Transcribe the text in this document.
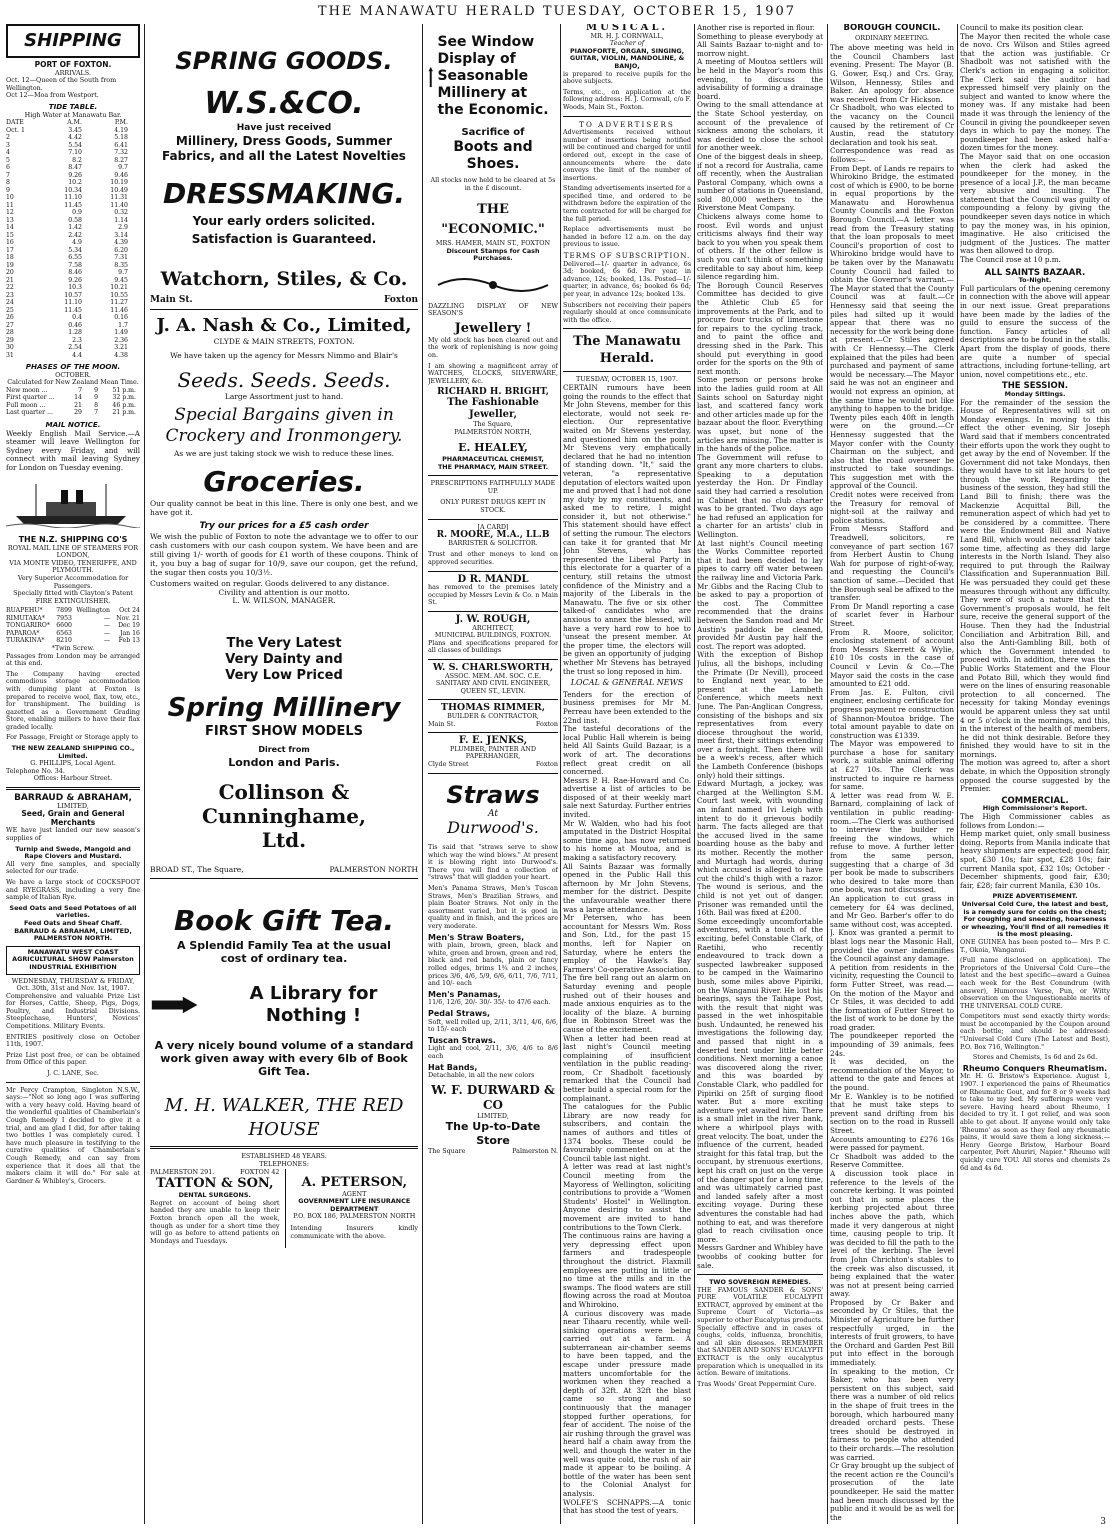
THE MANAWATU HERALD TUESDAY, OCTOBER 15, 1907
3
SHIPPING
PORT OF FOXTON.
ARRIVALS.
Oct. 12—Queen of the South from Wellington.
Oct 12—Moa from Westport.
TIDE TABLE.
High Water at Manawatu Bar.
DATE	A.M.	P.M.
Oct. 1	3.45	4.19
2	4.42	5.18
3	5.54	6.41
4	7.10	7.32
5	8.2	8.27
6	8.47	9.7
7	9.26	9.46
8	10.2	10.19
9	10.34	10.49
10	11.10	11.31
11	11.45	11.40
12	0.9	0.32
13	0.58	1.14
14	1.42	2.9
15	2.42	3.14
16	4.9	4.39
17	5.34	6.20
18	6.55	7.31
19	7.58	8.35
20	8.46	9.7
21	9.26	9.45
22	10.3	10.21
23	10.57	10.55
24	11.10	11.27
25	11.45	11.46
26	0.4	0.16
27	0.46	1.7
28	1.28	1.49
29	2.3	2.36
30	2.54	3.21
31	4.4	4.38
PHASES OF THE MOON.
OCTOBER.
Calculated for New Zealand Mean Time.
New moon ...	7	9	51 p.m.
First quarter ...	14	9	32 p.m.
Full moon ...	21	8	46 p.m.
Last quarter ...	29	7	21 p.m.
MAIL NOTICE.

Weekly English Mail Service.—A steamer will leave Wellington for Sydney every Friday, and will connect with mail leaving Sydney for London on Tuesday evening.

THE N.Z. SHIPPING CO'S
ROYAL MAIL LINE OF STEAMERS FOR LONDON,
VIA MONTE VIDEO, TENERIFFE, AND PLYMOUTH.
Very Superior Accommodation for Passengers.
Specially fitted with Clayton's Patent FIRE EXTINGUISHER.
RUAPEHU*	7899 Wellington	Oct 24
RIMUTAKA*	7953	—	Nov. 21
TONGARIRO*	6600	—	Dec 19
PAPAROA*	6563	—	Jan 16
TURAKINA*	8210	—	Feb 13
*Twin Screw.

Passages from London may be arranged at this end.

The Company having erected commodious storage accommodation with dumping plant at Foxton is prepared to receive wool, flax, tow, etc., for transhipment. The building is gazetted as a Government Grading Store, enabling millers to have their flax graded locally.

For Passage, Freight or Storage apply to

THE NEW ZEALAND SHIPPING CO., Limited.
G. PHILLIPS, Local Agent.
Telephone No. 34.
Offices: Harbour Street.
BARRAUD & ABRAHAM,
LIMITED,
Seed, Grain and General Merchants

WE have just landed our new season's supplies of

Turnip and Swede, Mangold and Rape Clovers and Mustard.

All very fine samples, and specially selected for our trade.

We have a large stock of COCKSFOOT and RYEGRASS, including a very fine sample of Italian Rye.

Seed Oats and Seed Potatoes of all varieties.
Feed Oats and Sheaf Chaff.
BARRAUD & ABRAHAM, LIMITED, PALMERSTON NORTH.
MANAWATU WEST COAST AGRICULTURAL SHOW Palmerston INDUSTRIAL EXHIBITION
WEDNESDAY, THURSDAY & FRIDAY, Oct. 30th, 31st and Nov. 1st, 1907.

Comprehensive and valuable Prize List for Horses, Cattle, Sheep, Pigs, Dogs, Poultry, and Industrial Divisions. Steeplechase, Hunters', Novices' Competitions. Military Events.

ENTRIES positively close on October 11th, 1907.

Prize List post free, or can be obtained from Office of this paper.

J. C. LANE, Sec.

Mr Percy Crampton, Singleton N.S.W., says:—"Not so long ago I was suffering with a very heavy cold. Having heard of the wonderful qualities of Chamberlain's Cough Remedy I decided to give it a trial, and am glad I did, for after taking two bottles I was completely cured. I have much pleasure in testifying to the curative qualities of Chamberlain's Cough Remedy, and can say from experience that it does all that the makers claim it will do." For sale at Gardner & Whibley's, Grocers.

SPRING GOODS.
W.S.&CO.
Have just received
Millinery, Dress Goods, Summer Fabrics, and all the Latest Novelties
DRESSMAKING.
Your early orders solicited.
Satisfaction is Guaranteed.
Watchorn, Stiles, & Co.
Main St.	Foxton
J. A. Nash & Co., Limited,
CLYDE & MAIN STREETS, FOXTON.
We have taken up the agency for Messrs Nimmo and Blair's
Seeds. Seeds. Seeds.
Large Assortment just to hand.
Special Bargains given in Crockery and Ironmongery.
As we are just taking stock we wish to reduce these lines.
Groceries.

Our quality cannot be beat in this line. There is only one best, and we have got it.

Try our prices for a £5 cash order

We wish the public of Foxton to note the advantage we to offer to our cash customers with our cash coupon system. We have been and are still giving 1/- worth of goods for £1 worth of these coupons. Think of it, you buy a bag of sugar for 10/9, save our coupon, get the refund, the sugar then costs you 10/3½.

Customers waited on regular. Goods delivered to any distance.
Civility and attention is our motto.
L. W. WILSON, MANAGER.
The Very Latest
Very Dainty and Very Low Priced
Spring Millinery
FIRST SHOW MODELS
Direct from
London and Paris.
Collinson & Cunninghame, Ltd.
BROAD ST., The Square,	PALMERSTON NORTH
Book Gift Tea.
A Splendid Family Tea at the usual cost of ordinary tea.
A Library for Nothing !
A very nicely bound volume of a standard work given away with every 6lb of Book Gift Tea.
M. H. WALKER, THE RED HOUSE
ESTABLISHED 48 YEARS.
TELEPHONES:
PALMERSTON 291.	FOXTON 42
TATTON & SON,
DENTAL SURGEONS.

Regret on account of being short handed they are unable to keep their Foxton branch open all the week, though as under for a short time they will go as before to attend patients on Mondays and Tuesdays.

A. PETERSON,
AGENT
GOVERNMENT LIFE INSURANCE DEPARTMENT
P.O. BOX 186, PALMERSTON NORTH

Intending Insurers kindly communicate with the above.

See Window Display of Seasonable Millinery at the Economic.
Sacrifice of
Boots and Shoes.
All stocks now held to be cleared at 5s in the £ discount.
THE "ECONOMIC."
MRS. HAMER, MAIN ST., FOXTON
Discount Stamps for Cash Purchases.

DAZZLING DISPLAY OF NEW SEASON'S

Jewellery !

My old stock has been cleared out and the work of replenishing is now going on.

I am showing a magnificent array of WATCHES, CLOCKS, SILVERWARE, JEWELLERY, &c.

RICHARD H. BRIGHT,
The Fashionable Jeweller,
The Square,
PALMERSTON NORTH,
E. HEALEY,
PHARMACEUTICAL CHEMIST,
THE PHARMACY, MAIN STREET.
PRESCRIPTIONS FAITHFULLY MADE UP.
ONLY PUREST DRUGS KEPT IN STOCK.
[A CARD]
R. MOORE, M.A., LL.B
BARRISTER & SOLICITOR.

Trust and other moneys to lend on approved securities.

D R. MANDL

has removed to the premises lately occupied by Messrs Levin & Co. n Main St.

J. W. ROUGH,
ARCHITECT,
MUNICIPAL BUILDINGS, FOXTON.

Plans and specifications prepared for all classes of buildings

W. S. CHARLSWORTH,
ASSOC. MEM. AM. SOC. C.E.
SANITARY AND CIVIL ENGINEER,
QUEEN ST., LEVIN.
THOMAS RIMMER,
BUILDER & CONTRACTOR,
Main St.	Foxton
F. E. JENKS,
PLUMBER, PAINTER AND PAPERHANGER,
Clyde Street	Foxton
Straws
At
Durwood's.

Tis said that "straws serve to show which way the wind blows." At present it is blowing right into Durwood's. There you will find a collection of "straws" that will gladden your heart.

Men's Panama Straws, Men's Tuscan Straws, Men's Brazilian Straws, and plain Boater Straws. Not only in the assortment varied, but it is good in quality and in finish, and the prices are very moderate.

Men's Straw Boaters,

with plain, brown, green, black and white, green and brown, green and red, black and red bands, plain or fancy rolled edges, brims 1¾ and 2 inches, prices 3/6, 4/6, 5/9, 6/6, 6/11, 7/6, 7/11, and 10/- each

Men's Panamas,

11/6, 12/6, 20/- 30/- 35/- to 47/6 each.

Pedal Straws,

Soft, well rolled up, 2/11, 3/11, 4/6, 6/6, to 15/- each

Tuscan Straws.

Light and cool, 2/11, 3/6, 4/6 to 8/6 each

Hat Bands,

Detachable, in all the new colors

W. F. DURWARD & CO
LIMITED,
The Up-to-Date Store
The Square	Palmerston N.
MUSICAL.
MR. H. J. CORNWALL,
Teacher of
PIANOFORTE, ORGAN, SINGING, GUITAR, VIOLIN, MANDOLINE, & BANJO,

is prepared to receive pupils for the above subjects.

Terms, etc., on application at the following address: H. J. Cornwall, c/o F. Woods, Main St., Foxton.

TO ADVERTISERS

Advertisements received without number of insertions being notified will be continued and charged for until ordered out, except in the case of announcements where the date conveys the limit of the number of insertions.

Standing advertisements inserted for a specified time, and ordered to be withdrawn before the expiration of the term contracted for will be charged for the full period.

Replace advertisements must be handed in before 12 a.m. on the day previous to issue.

TERMS OF SUBSCRIPTION.

Delivered—1/- quarter in advance, 6s 3d; booked, 6s 6d. Per year, in advance, 12s; booked, 13s. Posted—1/- quarter, in advance, 6s; booked 6s 6d; per year, in advance 12s; booked 13s.

Subscribers not receiving their papers regularly should at once communicate with the office.

The Manawatu Herald.
TUESDAY, OCTOBER 15, 1907.

CERTAIN rumours have been going the rounds to the effect that Mr John Stevens, member for this electorate, would not seek re-election. Our representative waited on Mr Stevens yesterday, and questioned him on the point. Mr Stevens very emphatically declared that he had no intention of standing down. "It," said the veteran, "a representative deputation of electors waited upon me and proved that I had not done my duty by my constituents, and asked me to retire, I might consider it, but not otherwise." This statement should have effect of setting the rumour. The electors can take it for granted that Mr John Stevens, who has represented the Liberal Party in this electorate for a quarter of a century, still retains the utmost confidence of the Ministry and a majority of the Liberals in the Manawatu. The five or six other talked-of candidates who are anxious to annex the blessed, will have a very hard row to hoe to 'unseat the present member. At the proper time, the electors will be given an opportunity of judging whether Mr Stevens has betrayed the trust so long reposed in him.

LOCAL & GENERAL NEWS

Tenders for the erection of business premises for Mr M. Perreau have been extended to the 22nd inst.
The tasteful decorations of the local Public Hall wherein is being held All Saints Guild Bazaar, is a work of art. The decorations reflect great credit on all concerned.
Messrs P. H. Rae-Howard and Co. advertise a list of articles to be disposed of at their weekly mart sale next Saturday. Further entries invited.
Mr W. Walden, who had his foot amputated in the District Hospital some time ago, has now returned to his home at Moutoa, and is making a satisfactory recovery.
All Saints Bazaar was formally opened in the Public Hall this afternoon by Mr John Stevens, member for the district. Despite the unfavourable weather there was a large attendance.
Mr Petersen, who has been accountant for Messrs Wm. Ross and Son, Ltd., for the past 15 months, left for Napier on Saturday, where he enters the employ of the Hawke's Bay Farmers' Co-operative Association.
The fire bell rang out an alarm on Saturday evening and people rushed out of their houses and made anxious enquiries as to the locality of the blaze. A burning flue in Robinson Street was the cause of the excitement.
When a letter had been read at last night's Council meeting complaining of insufficient ventilation in the public reading-room, Cr Shadbolt facetiously remarked that the Council had better build a special room for the complainant.
The catalogues for the Public Library are now ready for subscribers, and contain the names of authors and titles of 1374 books. These could be favourably commented on at the Council table last night.
A letter was read at last night's Council meeting from the Mayoress of Wellington, soliciting contributions to provide a "Women Students' Hostel" in Wellington. Anyone desiring to assist the movement are invited to hand contributions to the Town Clerk.
The continuous rains are having a very depressing effect upon farmers and tradespeople throughout the district. Flaxmill employees are putting in little or no time at the mills and in the swamps. The flood waters are still flowing across the road at Moutoa and Whirokino.
A curious discovery was made near Tihaaru recently, while well-sinking operations were being carried out at a farm. A subterranean air-chamber seems to have been tapped, and the escape under pressure made matters uncomfortable for the workmen when they reached a depth of 32ft. At 32ft the blast came so strong and so continuously that the manager stopped further operations, for fear of accident. The noise of the air rushing through the gravel was heard half a chain away from the well, and though the water in the well was quite cold, the rush of air made it appear to be boiling. A bottle of the water has been sent to the Colonial Analyst for analysis.
WOLFE'S SCHNAPPS.—A tonic that has stood the test of years.

Another rise is reported in flour.
Something to please everybody at All Saints Bazaar to-night and to-morrow night.
A meeting of Moutoa settlers will be held in the Mayor's room this evening, to discuss the advisability of forming a drainage board.
Owing to the small attendance at the State School yesterday, on account of the prevalence of sickness among the scholars, it was decided to close the school for another week.
One of the biggest deals in sheep, if not a record for Australia, came off recently, when the Australian Pastoral Company, which owns a number of stations in Queensland, sold 80,000 wethers to the Riverstone Meat Company.
Chickens always come home to roost. Evil words and unjust criticisms always find their way back to you when you speak them of others. If the other fellow is such you can't think of something creditable to say about him, keep silence regarding him.
The Borough Council Reserves Committee has decided to give the Athletic Club £5 for improvements at the Park, and to procure four trucks of limestone for repairs to the cycling track, and to paint the office and dressing shed in the Park. This should put everything in good order for the sports on the 9th of next month.
Some person or persons broke into the ladies guild room at All Saints school on Saturday night last, and scattered fancy work and other articles made up for the bazaar about the floor. Everything was upset, but none of the articles are missing. The matter is in the hands of the police.
The Government will refuse to grant any more charters to clubs. Speaking to a deputation yesterday the Hon. Dr Findlay said they had carried a resolution in Cabinet that no club charter was to be granted. Two days ago he had refused an application for a charter for an artists' club in Wellington.
At last night's Council meeting the Works Committee reported that it had been decided to lay pipes to carry off water between the railway line and Victoria Park. Mr Gibbs and the Racing Club to be asked to pay a proportion of the cost. The Committee recommended that the drains between the Sandon road and Mr Austin's paddock be cleaned, provided Mr Austin pay half the cost. The report was adopted.
With the exception of Bishop Julius, all the bishops, including the Primate (Dr Nevill), proceed to England next year, to be present at the Lambeth Conference, which meets next June. The Pan-Anglican Congress, consisting of the bishops and six representatives from every diocese throughout the world, meet first, their sittings extending over a fortnight. Then there will be a week's recess, after which the Lambeth Conference (bishops only) hold their sittings.
Edward Murtagh, a jockey, was charged at the Wellington S.M. Court last week, with wounding an infant named Ivi Leigh with intent to do it grievous bodily harm. The facts alleged are that the accused lived in the same boarding house as the baby and its mother. Recently the mother and Murtagh had words, during which accused is alleged to have cut the child's thigh with a razor. The wound is serious, and the child is not yet out of danger. Prisoner was remanded until the 16th. Bail was fixed at £200.
Some exceedingly uncomfortable adventures, with a touch of the exciting, befel Constable Clark, of Raetihi, who recently endeavoured to track down a suspected lawbreaker supposed to be camped in the Waimarino bush, some miles above Pipiriki, on the Wanganui River. He lost his bearings, says the Taihape Post, with the result that night was passed in the wet inhospitable bush. Undaunted, he renewed his investigations the following day, and passed that night in a deserted tent under little better conditions. Next morning a canoe was discovered along the river, and this was boarded by Constable Clark, who paddled for Pipiriki on 25ft of surging flood water. But a more exciting adventure yet awaited him. There is a small inlet in the river bank, where a whirlpool plays with great velocity. The boat, under the influence of the current, headed straight for this fatal trap, but the occupant, by strenuous exertions, kept his craft on just on the verge of the danger spot for a long time, and was ultimately carried past and landed safely after a most exciting voyage. During these adventures the constable had had nothing to eat, and was therefore glad to reach civilisation once more.
Messrs Gardner and Whibley have twoobbs of cooking butter for sale.

TWO SOVEREIGN REMEDIES.

THE FAMOUS SANDER & SONS' PURE VOLATILE EUCALYPTI EXTRACT, approved by eminent at the Supreme Court of Victoria—as superior to other Eucalyptus products. Specially effective and in cases of coughs, colds, influenza, bronchitis, and all skin diseases. REMEMBER that SANDER AND SONS' EUCALYPTI EXTRACT is the only eucalyptus preparation which is unequalled in its action. Beware of imitations.

Tras Woods' Great Peppermint Cure.
BOROUGH COUNCIL.
ORDINARY MEETING.

The above meeting was held in the Council Chambers last evening. Present: The Mayor (B. G. Gower, Esq.) and Crs. Gray, Wilson, Hennessy, Stiles and Baker. An apology for absence was received from Cr Hickson.
Cr Shadbolt, who was elected to the vacancy on the Council caused by the retirement of Cr Austin, read the statutory declaration and took his seat.
Correspondence was read as follows:—
From Dept. of Lands re repairs to Whirokino Bridge, the estimated cost of which is £900, to be borne in equal proportions by the Manawatu and Horowhenua County Councils and the Foxton Borough Council.—A letter was read from the Treasury stating that the loan proposals to meet Council's proportion of cost to Whirokino bridge would have to be taken over by the Manawatu County Council had failed to obtain the Governor's warrant.—The Mayor stated that the County Council was at fault.—Cr Hennessy said that seeing the piles had silted up it would appear that there was no necessity for the work being done at present.—Cr Stiles agreed with Cr Hennessy.—The Clerk explained that the piles had been purchased and payment of same would be necessary.—The Mayor said he was not an engineer and would not express an opinion, at the same time he would not like anything to happen to the bridge. Twenty piles each 40ft in length were on the ground.—Cr Hennessy suggested that the Mayor confer with the County Chairman on the subject, and also that the road overseer be instructed to take soundings. This suggestion met with the approval of the Council.
Credit notes were received from the Treasury for removal of night-soil at the railway and police stations.
From Messrs Stafford and Treadwell, solicitors, re conveyance of part section 167 from Herbert Austin to Chung Wah for purpose of right-of-way, and requesting the Council's sanction of same.—Decided that the Borough seal be affixed to the transfer.
From Dr Mandl reporting a case of scarlet fever in Harbour Street.
From R. Moore, solicitor, enclosing statement of account from Messrs Skerrett & Wylie, £10 10s costs in the case of Council v Levin & Co.—The Mayor said the costs in the case amounted to £21 odd.
From Jas. E. Fulton, civil engineer, enclosing certificate for progress payment re construction of Shannon-Moutoa bridge. The total amount payable to date on construction was £1339.
The Mayor was empowered to purchase a hose for sanitary work, a suitable animal offering at £27 10s. The Clerk was instructed to inquire re harness for same.
A letter was read from W. E. Barnard, complaining of lack of ventilation in public reading-room.—The Clerk was authorised to interview the builder re freeing the windows, which refuse to move. A further letter from the same person, suggesting that a charge of 3d per book be made to subscribers who desired to take more than one book, was not discussed.
An application to cut grass in cemetery for £4 was declined, and Mr Geo. Barber's offer to do same without cost, was accepted.
J. Knox was granted a permit to blast logs near the Masonic Hall, provided the owner indemnifies the Council against any damage.
A petition from residents in the vicinity, requesting the Council to form Futter Street, was read.—On the motion of the Mayor and Cr Stiles, it was decided to add the formation of Futter Street to the list of work to be done by the road grader.
The poundkeeper reported the impounding of 39 animals, fees 24s.
It was decided, on the recommendation of the Mayor, to attend to the gate and fences at the pound.
Mr E. Wankley is to be notified that he must take steps to prevent sand drifting from his section on to the road in Russell Street.
Accounts amounting to £276 16s were passed for payment.
Cr Shadbolt was added to the Reserve Committee.
A discussion took place in reference to the levels of the concrete kerbing. It was pointed out that in some places the kerbing projected about three inches above the path, which made it very dangerous at night time, causing people to trip. It was decided to fill the path to the level of the kerbing. The level from John Chrichton's stables to the creek was also discussed, it being explained that the water was not at present being carried away.
Proposed by Cr Baker and seconded by Cr Stiles, that the Minister of Agriculture be further respectfully urged, in the interests of fruit growers, to have the Orchard and Garden Pest Bill put into effect in the borough immediately.
In speaking to the motion, Cr Baker, who has been very persistent on this subject, said there was a number of old relics in the shape of fruit trees in the borough, which harboured many dreaded orchard pests. These trees should be destroyed in fairness to people who attended to their orchards.—The resolution was carried.
Cr Gray brought up the subject of the recent action re the Council's prosecution of the late poundkeeper. He said the matter had been much discussed by the public and it would be as well for the

Council to make its position clear.
The Mayor then recited the whole case de novo. Crs Wilson and Stiles agreed that the action was justifiable. Cr Shadbolt was not satisfied with the Clerk's action in engaging a solicitor. The Clerk said the auditor had expressed himself very plainly on the subject and wanted to know where the money was. If any mistake had been made it was through the leniency of the Council in giving the poundkeeper seven days in which to pay the money. The poundkeeper had been asked half-a-dozen times for the money.
The Mayor said that on one occasion when the clerk had asked the poundkeeper for the money, in the presence of a local J.P., the man became very abusive and insulting. The statement that the Council was guilty of compounding a felony by giving the poundkeeper seven days notice in which to pay the money was, in his opinion, imaginative. He also criticised the judgment of the Justices. The matter was then allowed to drop.
The Council rose at 10 p.m.

ALL SAINTS BAZAAR.
To-Night.

Full particulars of the opening ceremony in connection with the above will appear in our next issue. Great preparations have been made by the ladies of the guild to ensure the success of the function. Fancy articles of all descriptions are to be found in the stalls. Apart from the display of goods, there are quite a number of special attractions, including fortune-telling, art union, novel competitions etc., etc.

THE SESSION.
Monday Sittings.

For the remainder of the session the House of Representatives will sit on Monday evenings. In moving to this effect the other evening, Sir Joseph Ward said that if members concentrated their efforts upon the work they ought to get away by the end of November. If the Government did not take Mondays, then they would have to sit late hours to get through the work. Regarding the business of the session, they had still the Land Bill to finish; there was the Mackenzie Acquittal Bill, the remuneration aspect of which had yet to be considered by a committee. There were the Endowment Bill and Native Land Bill, which would necessarily take some time, affecting as they did large interests in the North Island. They also required to put through the Railway Classification and Superannuation Bill. He was persuaded they could get these measures through without any difficulty. They were of such a nature that the Government's proposals would, he felt sure, receive the general support of the House. Then they had the Industrial Conciliation and Arbitration Bill, and also the Anti-Gambling Bill, both of which the Government intended to proceed with. In addition, there was the Public Works Statement and the Flour and Potato Bill, which they would find were on the lines of ensuring reasonable protection to all concerned. The necessity for taking Monday evenings would be apparent unless they sat until 4 or 5 o'clock in the mornings, and this, in the interest of the health of members, he did not think desirable. Before they finished they would have to sit in the mornings.
The motion was agreed to, after a short debate, in which the Opposition strongly opposed the course suggested by the Premier.

COMMERCIAL.
High Commissioner's Report.

The High Commissioner cables as follows from London:—
Hemp market quiet, only small business doing. Reports from Manila indicate that heavy shipments are expected; good fair, spot, £30 10s; fair spot, £28 10s; fair current Manila spot, £32 10s; October - December shipments, good fair, £30; fair, £28; fair current Manila, £30 10s.

PRIZE ADVERTISEMENT.
Universal Cold Cure, the latest and best, is a remedy sure for colds on the chest; For coughing and sneezing, hoarseness or wheezing, You'll find of all remedies it is the most pleasing.

ONE GUINEA has been posted to— Mrs P. C. T., Okoia, Wanganui.

(Full name disclosed on application). The Proprietors of the Universal Cold Cure—the latest and the best specific—award a Guinea each week for the Best Conundrum (with answer), Humorous Verse, Pun, or Witty observation on the Unquestionable merits of THE UNIVERSAL COLD CURE.

Competitors must send exactly thirty words: must be accompanied by the Coupon around each bottle; and should be addressed: "Universal Cold Cure (The Latest and Best), P.O. Box 716, Wellington."

Stores and Chemists, 1s 6d and 2s 6d.
Rheumo Conquers Rheumatism.

Mr. H. G. Bristow's Experience. August 1, 1907. I experienced the pains of Rheumatics or Rheumatic Gout, and for 8 or 9 weeks had to take to my bed. My sufferings were very severe. Having heard about Rheumo, I decided to try it. I got relief, and was soon able to get about. If anyone would only take 'Rheumo' as soon as they feel any rheumatic pains, it would save them a long sickness.—Henry George Bristow, Harbour Board carpenter, Port Ahuriri, Napier." Rheumo will quickly cure YOU. All stores and chemists 2s 6d and 4s 6d.
